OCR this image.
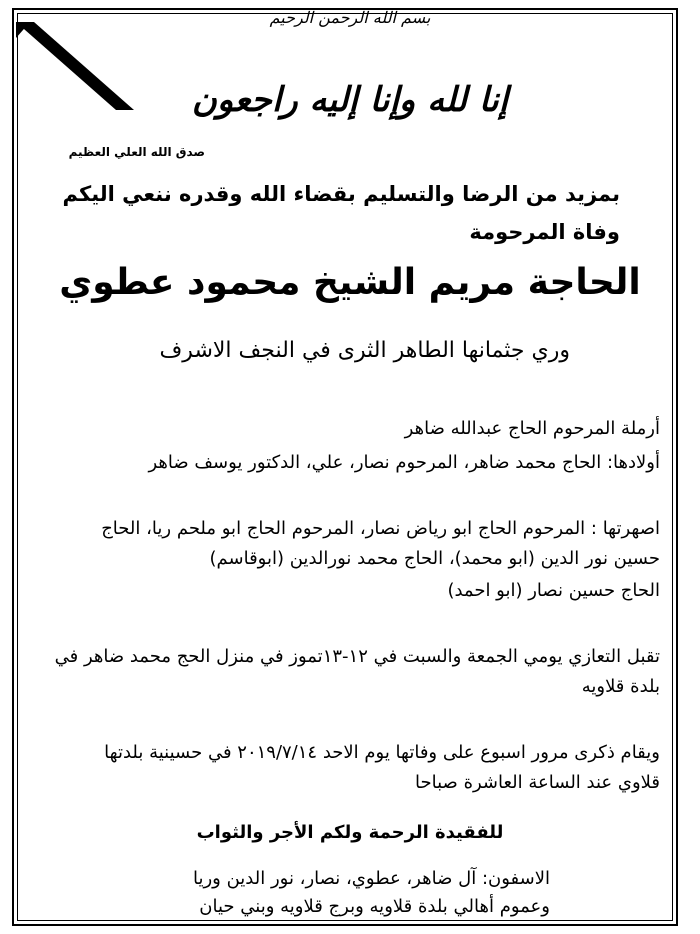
بسم الله الرحمن الرحيم
إنا لله وإنا إليه راجعون
صدق الله العلي العظيم
بمزيد من الرضا والتسليم بقضاء الله وقدره ننعي اليكم
وفاة المرحومة
الحاجة مريم الشيخ محمود عطوي
وري جثمانها الطاهر الثرى في النجف الاشرف
أرملة المرحوم الحاج عبدالله ضاهر
أولادها: الحاج محمد ضاهر، المرحوم نصار، علي، الدكتور يوسف ضاهر
اصهرتها : المرحوم الحاج ابو رياض نصار، المرحوم الحاج ابو ملحم ريا، الحاج
حسين نور الدين (ابو محمد)، الحاج محمد نورالدين (ابوقاسم)
الحاج حسين نصار (ابو احمد)
تقبل التعازي يومي الجمعة والسبت في ١٢-١٣تموز في منزل الحج محمد ضاهر في
بلدة قلاويه
ويقام ذكرى مرور اسبوع على وفاتها يوم الاحد ٢٠١٩/٧/١٤ في حسينية بلدتها
قلاوي عند الساعة العاشرة صباحا
للفقيدة الرحمة ولكم الأجر والثواب
الاسفون: آل ضاهر، عطوي، نصار، نور الدين وريا
وعموم أهالي بلدة قلاويه وبرج قلاويه وبني حيان
